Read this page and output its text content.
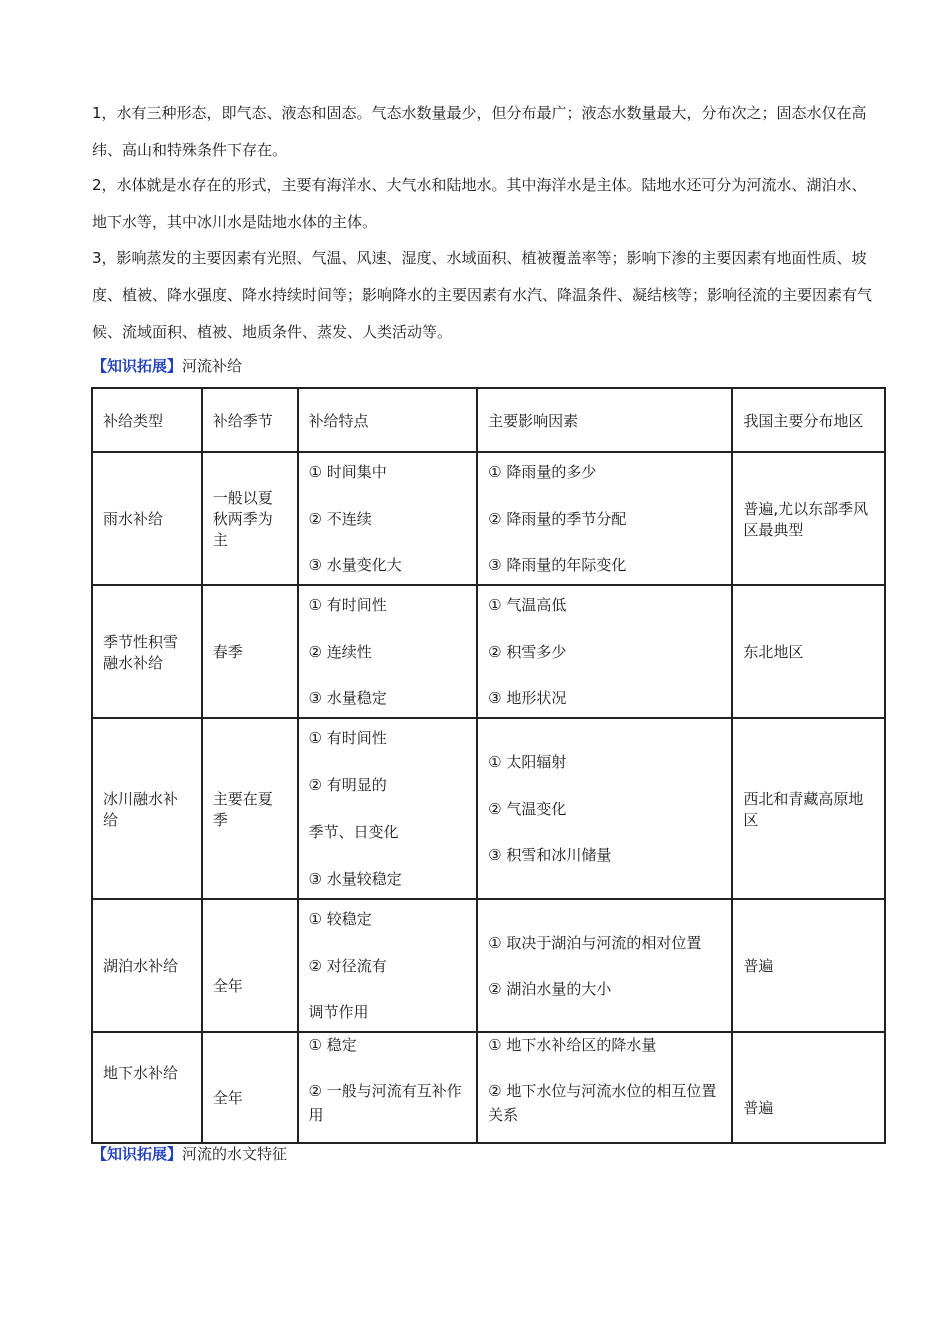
1，水有三种形态，即气态、液态和固态。气态水数量最少，但分布最广；液态水数量最大，分布次之；固态水仅在高纬、高山和特殊条件下存在。

2，水体就是水存在的形式，主要有海洋水、大气水和陆地水。其中海洋水是主体。陆地水还可分为河流水、湖泊水、地下水等，其中冰川水是陆地水体的主体。

3，影响蒸发的主要因素有光照、气温、风速、湿度、水域面积、植被覆盖率等；影响下渗的主要因素有地面性质、坡度、植被、降水强度、降水持续时间等；影响降水的主要因素有水汽、降温条件、凝结核等；影响径流的主要因素有气候、流域面积、植被、地质条件、蒸发、人类活动等。

【知识拓展】河流补给

补给类型	补给季节	补给特点	主要影响因素	我国主要分布地区
雨水补给	一般以夏秋两季为主	① 时间集中
② 不连续
③ 水量变化大	① 降雨量的多少
② 降雨量的季节分配
③ 降雨量的年际变化	普遍,尤以东部季风区最典型
季节性积雪融水补给	春季	① 有时间性
② 连续性
③ 水量稳定	① 气温高低
② 积雪多少
③ 地形状况	东北地区
冰川融水补给	主要在夏季	① 有时间性
② 有明显的
季节、日变化
③ 水量较稳定	① 太阳辐射
② 气温变化
③ 积雪和冰川储量	西北和青藏高原地区
湖泊水补给	全年	① 较稳定
② 对径流有
调节作用	① 取决于湖泊与河流的相对位置
② 湖泊水量的大小	普遍
地下水补给	全年	① 稳定
② 一般与河流有互补作用	① 地下水补给区的降水量
② 地下水位与河流水位的相互位置关系	普遍

【知识拓展】河流的水文特征
